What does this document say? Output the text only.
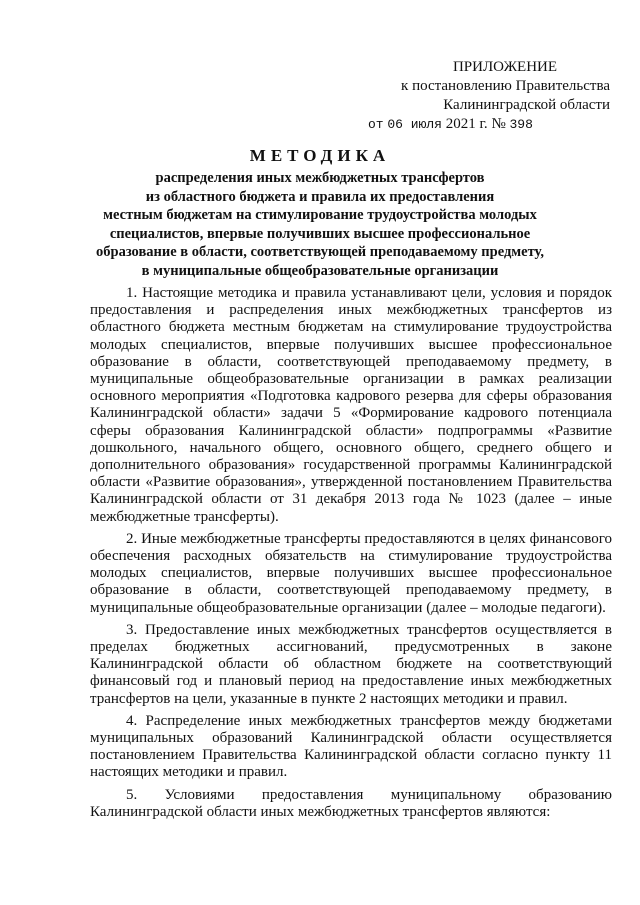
ПРИЛОЖЕНИЕ
к постановлению Правительства
Калининградской области
от 06 июля 2021 г. № 398
МЕТОДИКА
распределения иных межбюджетных трансфертов
из областного бюджета и правила их предоставления
местным бюджетам на стимулирование трудоустройства молодых
специалистов, впервые получивших высшее профессиональное
образование в области, соответствующей преподаваемому предмету,
в муниципальные общеобразовательные организации

1. Настоящие методика и правила устанавливают цели, условия и порядок предоставления и распределения иных межбюджетных трансфертов из областного бюджета местным бюджетам на стимулирование трудоустройства молодых специалистов, впервые получивших высшее профессиональное образование в области, соответствующей преподаваемому предмету, в муниципальные общеобразовательные организации в рамках реализации основного мероприятия «Подготовка кадрового резерва для сферы образования Калининградской области» задачи 5 «Формирование кадрового потенциала сферы образования Калининградской области» подпрограммы «Развитие дошкольного, начального общего, основного общего, среднего общего и дополнительного образования» государственной программы Калининградской области «Развитие образования», утвержденной постановлением Правительства Калининградской области от 31 декабря 2013 года № 1023 (далее – иные межбюджетные трансферты).

2. Иные межбюджетные трансферты предоставляются в целях финансового обеспечения расходных обязательств на стимулирование трудоустройства молодых специалистов, впервые получивших высшее профессиональное образование в области, соответствующей преподаваемому предмету, в муниципальные общеобразовательные организации (далее – молодые педагоги).

3. Предоставление иных межбюджетных трансфертов осуществляется в пределах бюджетных ассигнований, предусмотренных в законе Калининградской области об областном бюджете на соответствующий финансовый год и плановый период на предоставление иных межбюджетных трансфертов на цели, указанные в пункте 2 настоящих методики и правил.

4. Распределение иных межбюджетных трансфертов между бюджетами муниципальных образований Калининградской области осуществляется постановлением Правительства Калининградской области согласно пункту 11 настоящих методики и правил.

5. Условиями предоставления муниципальному образованию Калининградской области иных межбюджетных трансфертов являются:
